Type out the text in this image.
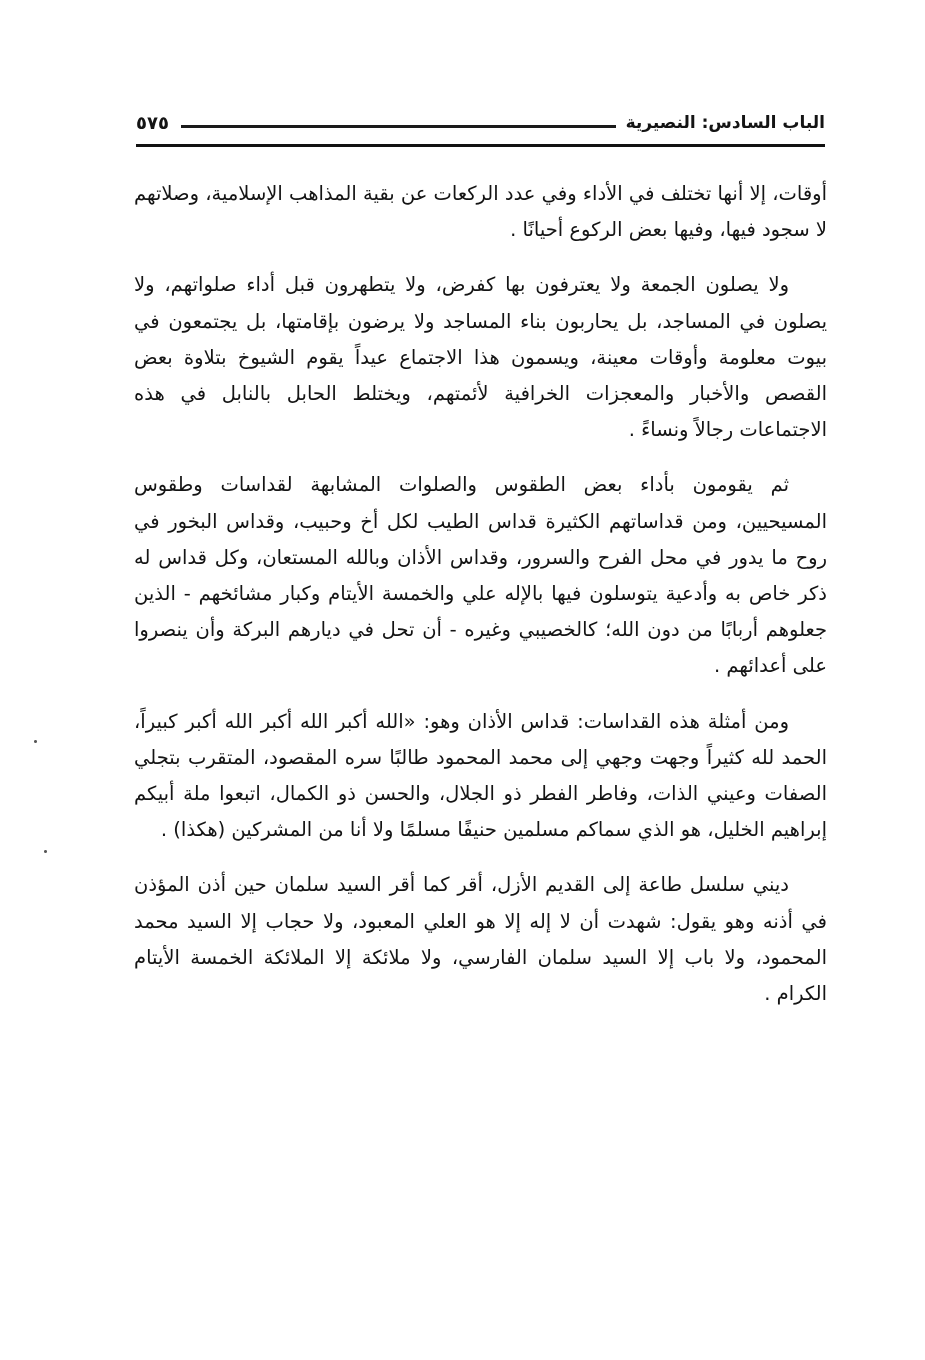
الباب السادس: النصيرية
٥٧٥

أوقات، إلا أنها تختلف في الأداء وفي عدد الركعات عن بقية المذاهب الإسلامية، وصلاتهم لا سجود فيها، وفيها بعض الركوع أحيانًا .

ولا يصلون الجمعة ولا يعترفون بها كفرض، ولا يتطهرون قبل أداء صلواتهم، ولا يصلون في المساجد، بل يحاربون بناء المساجد ولا يرضون بإقامتها، بل يجتمعون في بيوت معلومة وأوقات معينة، ويسمون هذا الاجتماع عيداً يقوم الشيوخ بتلاوة بعض القصص والأخبار والمعجزات الخرافية لأئمتهم، ويختلط الحابل بالنابل في هذه الاجتماعات رجالاً ونساءً .

ثم يقومون بأداء بعض الطقوس والصلوات المشابهة لقداسات وطقوس المسيحيين، ومن قداساتهم الكثيرة قداس الطيب لكل أخ وحبيب، وقداس البخور في روح ما يدور في محل الفرح والسرور، وقداس الأذان وبالله المستعان، وكل قداس له ذكر خاص به وأدعية يتوسلون فيها بالإله علي والخمسة الأيتام وكبار مشائخهم - الذين جعلوهم أربابًا من دون الله؛ كالخصيبي وغيره - أن تحل في ديارهم البركة وأن ينصروا على أعدائهم .

ومن أمثلة هذه القداسات: قداس الأذان وهو: «الله أكبر الله أكبر الله أكبر كبيراً، الحمد لله كثيراً وجهت وجهي إلى محمد المحمود طالبًا سره المقصود، المتقرب بتجلي الصفات وعيني الذات، وفاطر الفطر ذو الجلال، والحسن ذو الكمال، اتبعوا ملة أبيكم إبراهيم الخليل، هو الذي سماكم مسلمين حنيفًا مسلمًا ولا أنا من المشركين (هكذا) .

ديني سلسل طاعة إلى القديم الأزل، أقر كما أقر السيد سلمان حين أذن المؤذن في أذنه وهو يقول: شهدت أن لا إله إلا هو العلي المعبود، ولا حجاب إلا السيد محمد المحمود، ولا باب إلا السيد سلمان الفارسي، ولا ملائكة إلا الملائكة الخمسة الأيتام الكرام .
